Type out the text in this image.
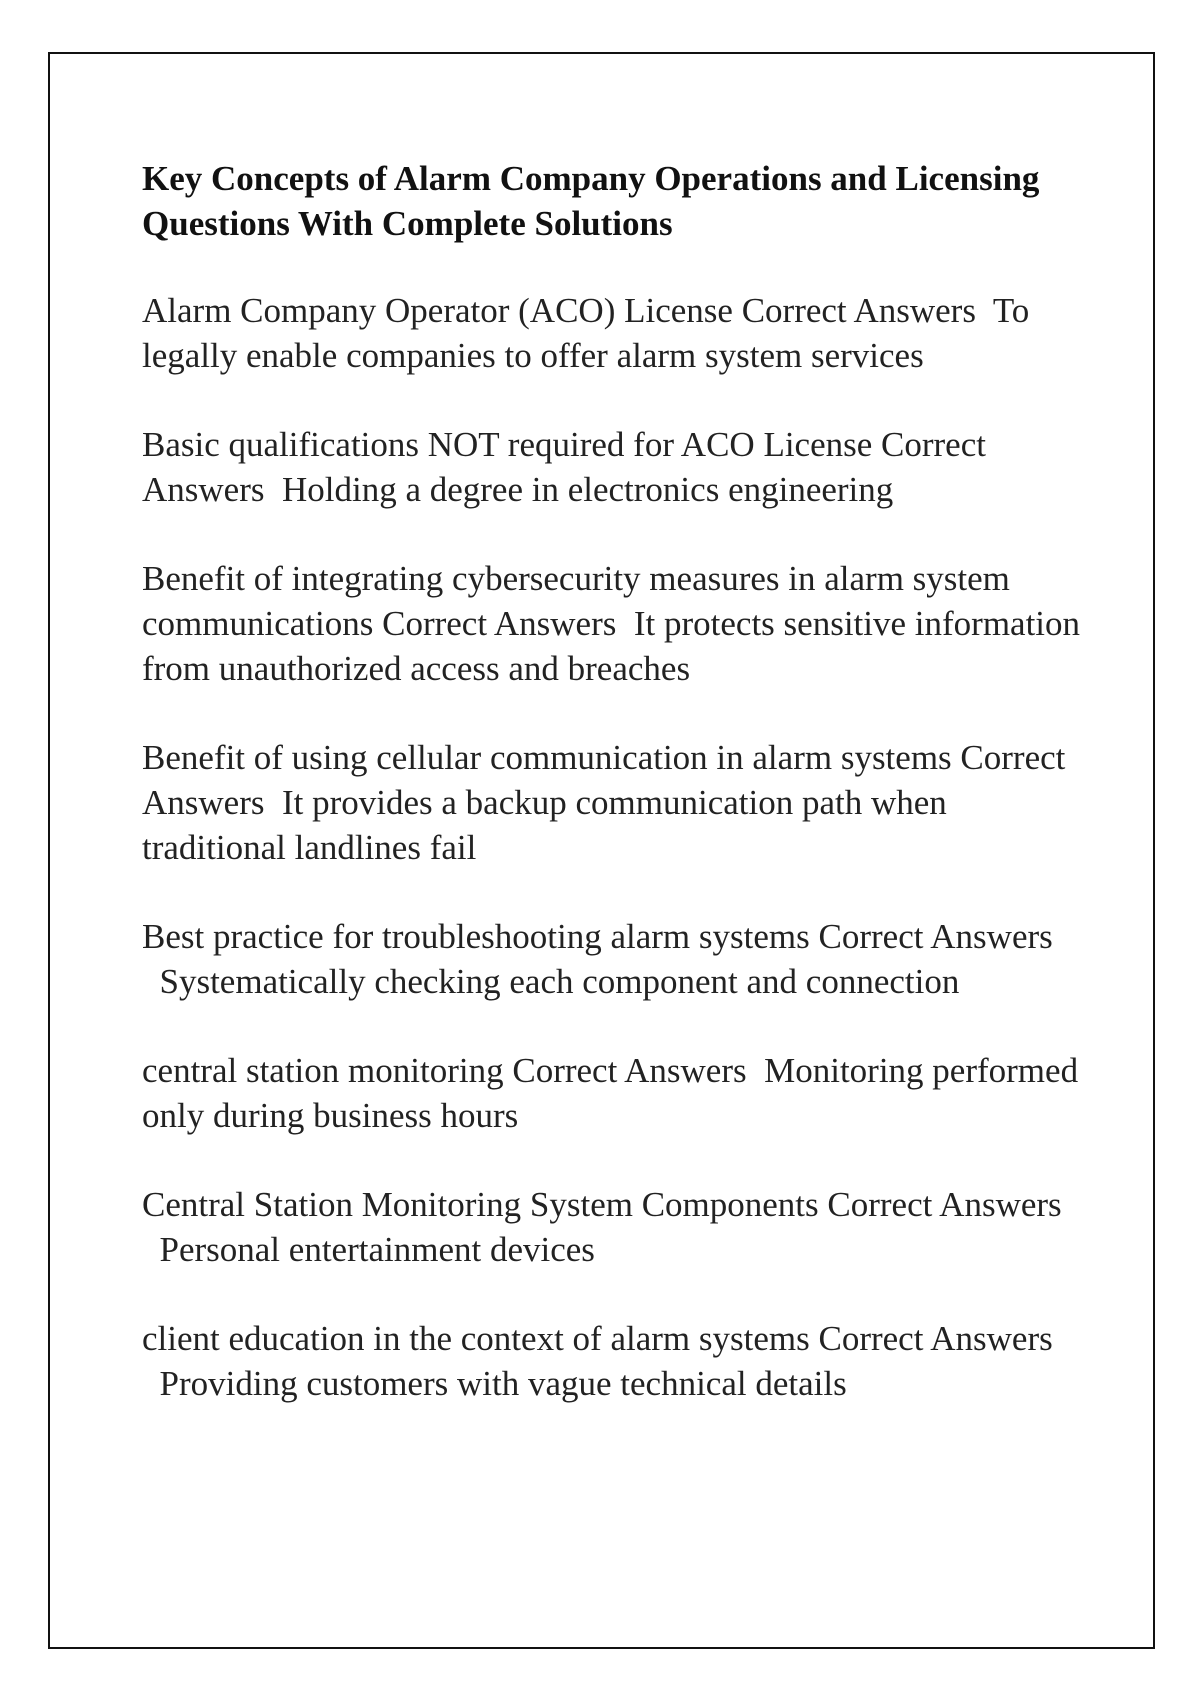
Key Concepts of Alarm Company Operations and Licensing Questions With Complete Solutions

Alarm Company Operator (ACO) License Correct Answers To legally enable companies to offer alarm system services

Basic qualifications NOT required for ACO License Correct Answers Holding a degree in electronics engineering

Benefit of integrating cybersecurity measures in alarm system communications Correct Answers It protects sensitive information from unauthorized access and breaches

Benefit of using cellular communication in alarm systems Correct Answers It provides a backup communication path when traditional landlines fail

Best practice for troubleshooting alarm systems Correct Answers  Systematically checking each component and connection

central station monitoring Correct Answers Monitoring performed only during business hours

Central Station Monitoring System Components Correct Answers  Personal entertainment devices

client education in the context of alarm systems Correct Answers  Providing customers with vague technical details
